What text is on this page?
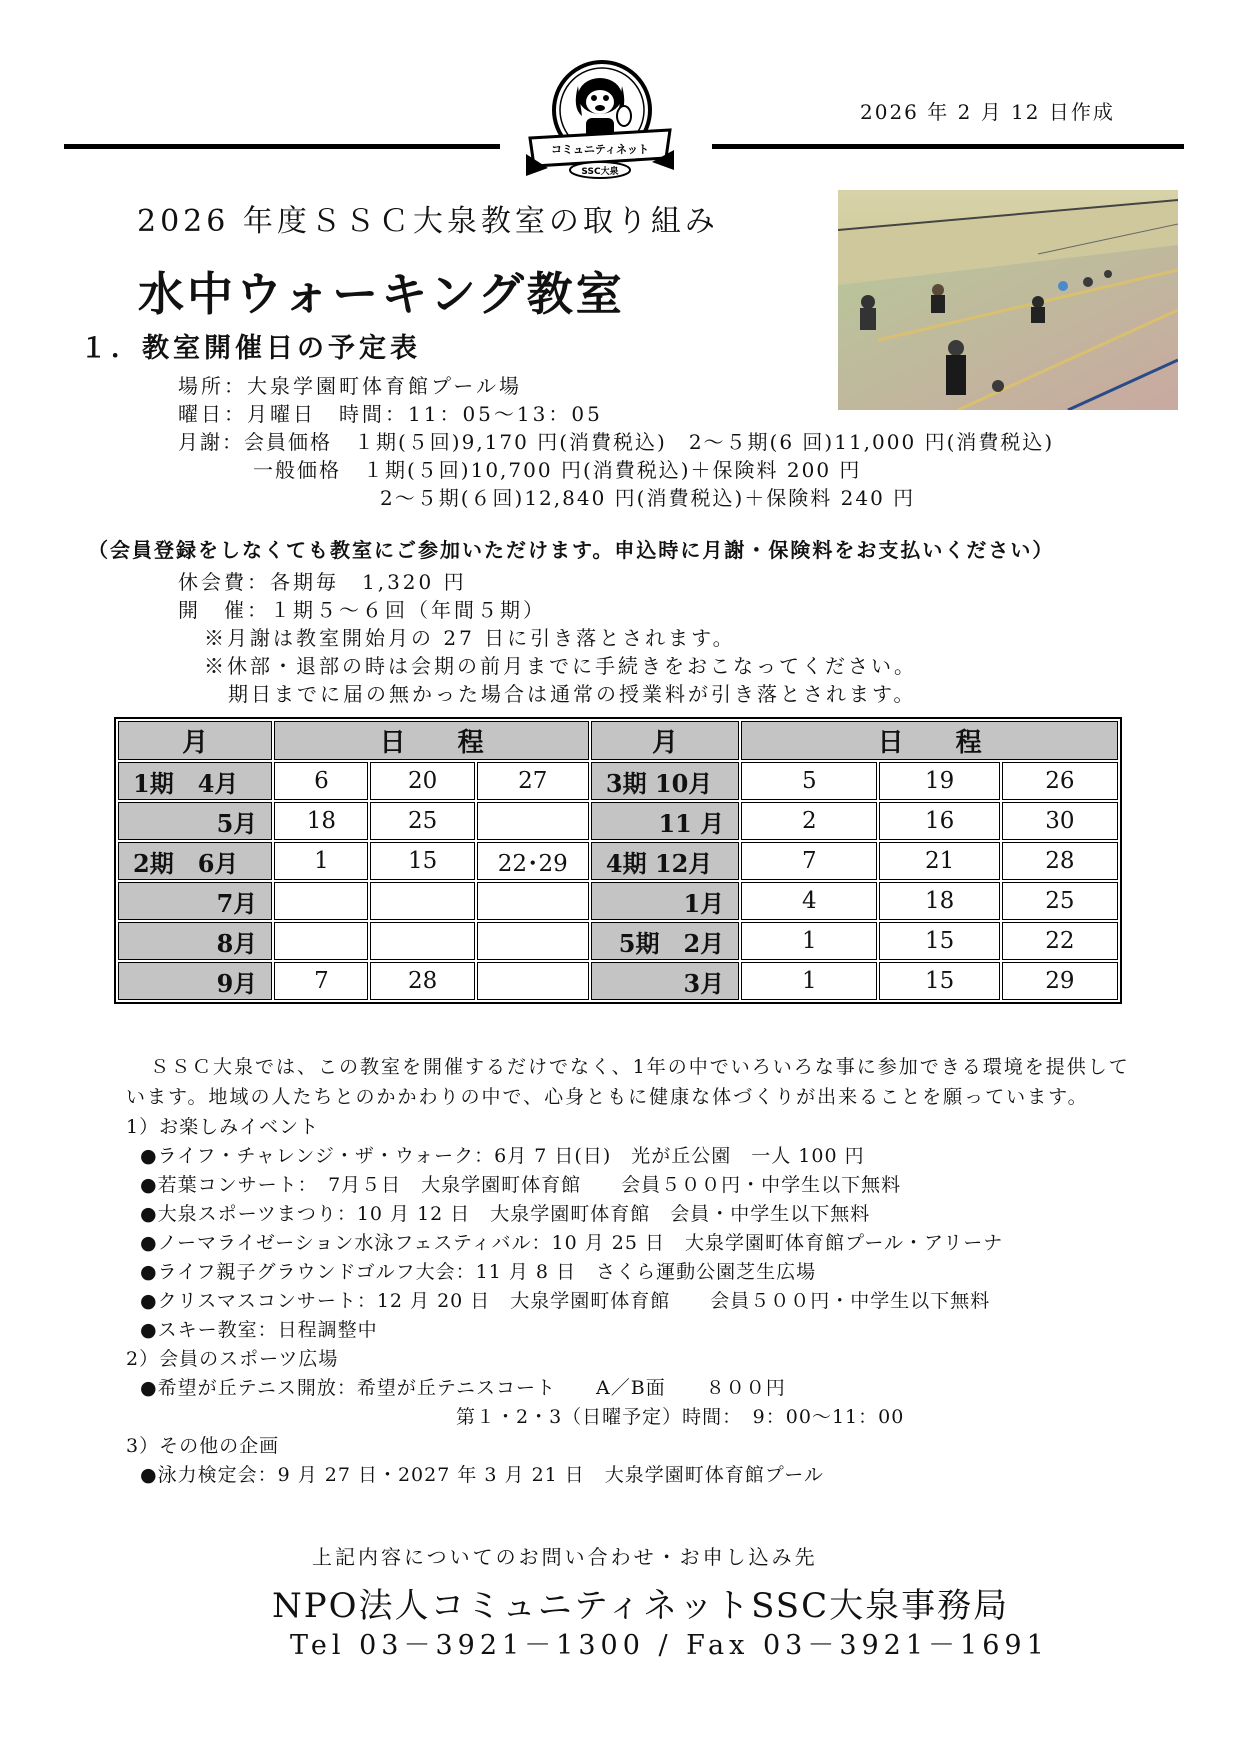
コミュニティネット
SSC大泉
2026 年 2 月 12 日作成
2026 年度ＳＳＣ大泉教室の取り組み
水中ウォーキング教室
１．教室開催日の予定表
場所：大泉学園町体育館プール場
曜日：月曜日　時間：11：05～13：05
月謝：会員価格　１期(５回)9,170 円(消費税込)　2～５期(6 回)11,000 円(消費税込)
一般価格　１期(５回)10,700 円(消費税込)＋保険料 200 円
2～５期(６回)12,840 円(消費税込)＋保険料 240 円
（会員登録をしなくても教室にご参加いただけます。申込時に月謝・保険料をお支払いください）
休会費：各期毎　1,320 円
開　催：１期５～６回（年間５期）
※月謝は教室開始月の 27 日に引き落とされます。
※休部・退部の時は会期の前月までに手続きをおこなってください。
期日までに届の無かった場合は通常の授業料が引き落とされます。
月	日　　程			月	日　　程		
1期　4月	6	20	27	3期 10月	5	19	26
5月	18	25		11 月	2	16	30
2期　6月	1	15	22･29	4期 12月	7	21	28
7月				1月	4	18	25
8月				5期　2月	1	15	22
9月	7	28		3月	1	15	29
ＳＳＣ大泉では、この教室を開催するだけでなく、1年の中でいろいろな事に参加できる環境を提供して
います。地域の人たちとのかかわりの中で、心身ともに健康な体づくりが出来ることを願っています。
1）お楽しみイベント
●ライフ・チャレンジ・ザ・ウォーク：6月 7 日(日)　光が丘公園　一人 100 円
●若葉コンサート：　7月５日　大泉学園町体育館　　会員５００円・中学生以下無料
●大泉スポーツまつり：10 月 12 日　大泉学園町体育館　会員・中学生以下無料
●ノーマライゼーション水泳フェスティバル：10 月 25 日　大泉学園町体育館プール・アリーナ
●ライフ親子グラウンドゴルフ大会：11 月 8 日　さくら運動公園芝生広場
●クリスマスコンサート：12 月 20 日　大泉学園町体育館　　会員５００円・中学生以下無料
●スキー教室：日程調整中
2）会員のスポーツ広場
●希望が丘テニス開放：希望が丘テニスコート　　A／B面　　８００円
第１・2・3（日曜予定）時間：　9：00～11：00
3）その他の企画
●泳力検定会：9 月 27 日・2027 年 3 月 21 日　大泉学園町体育館プール
上記内容についてのお問い合わせ・お申し込み先
NPO法人コミュニティネットSSC大泉事務局
Tel 03－3921－1300 / Fax 03－3921－1691
